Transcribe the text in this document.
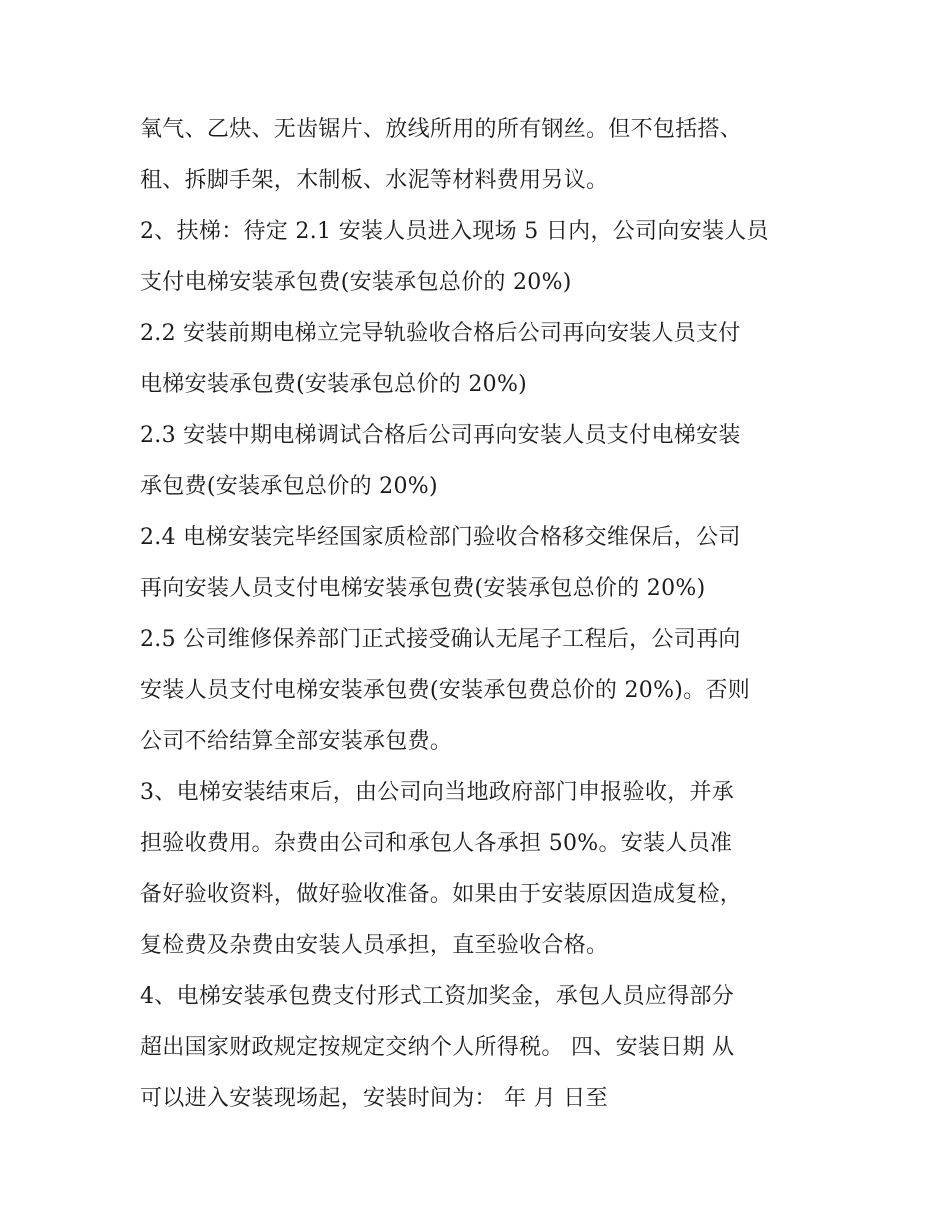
氧气、乙炔、无齿锯片、放线所用的所有钢丝。但不包括搭、
租、拆脚手架，木制板、水泥等材料费用另议。
2、扶梯：待定 2.1 安装人员进入现场 5 日内，公司向安装人员
支付电梯安装承包费(安装承包总价的 20%)
2.2 安装前期电梯立完导轨验收合格后公司再向安装人员支付
电梯安装承包费(安装承包总价的 20%)
2.3 安装中期电梯调试合格后公司再向安装人员支付电梯安装
承包费(安装承包总价的 20%)
2.4 电梯安装完毕经国家质检部门验收合格移交维保后，公司
再向安装人员支付电梯安装承包费(安装承包总价的 20%)
2.5 公司维修保养部门正式接受确认无尾子工程后，公司再向
安装人员支付电梯安装承包费(安装承包费总价的 20%)。否则
公司不给结算全部安装承包费。
3、电梯安装结束后，由公司向当地政府部门申报验收，并承
担验收费用。杂费由公司和承包人各承担 50%。安装人员准
备好验收资料，做好验收准备。如果由于安装原因造成复检，
复检费及杂费由安装人员承担，直至验收合格。
4、电梯安装承包费支付形式工资加奖金，承包人员应得部分
超出国家财政规定按规定交纳个人所得税。 四、安装日期 从
可以进入安装现场起，安装时间为： 年 月 日至
